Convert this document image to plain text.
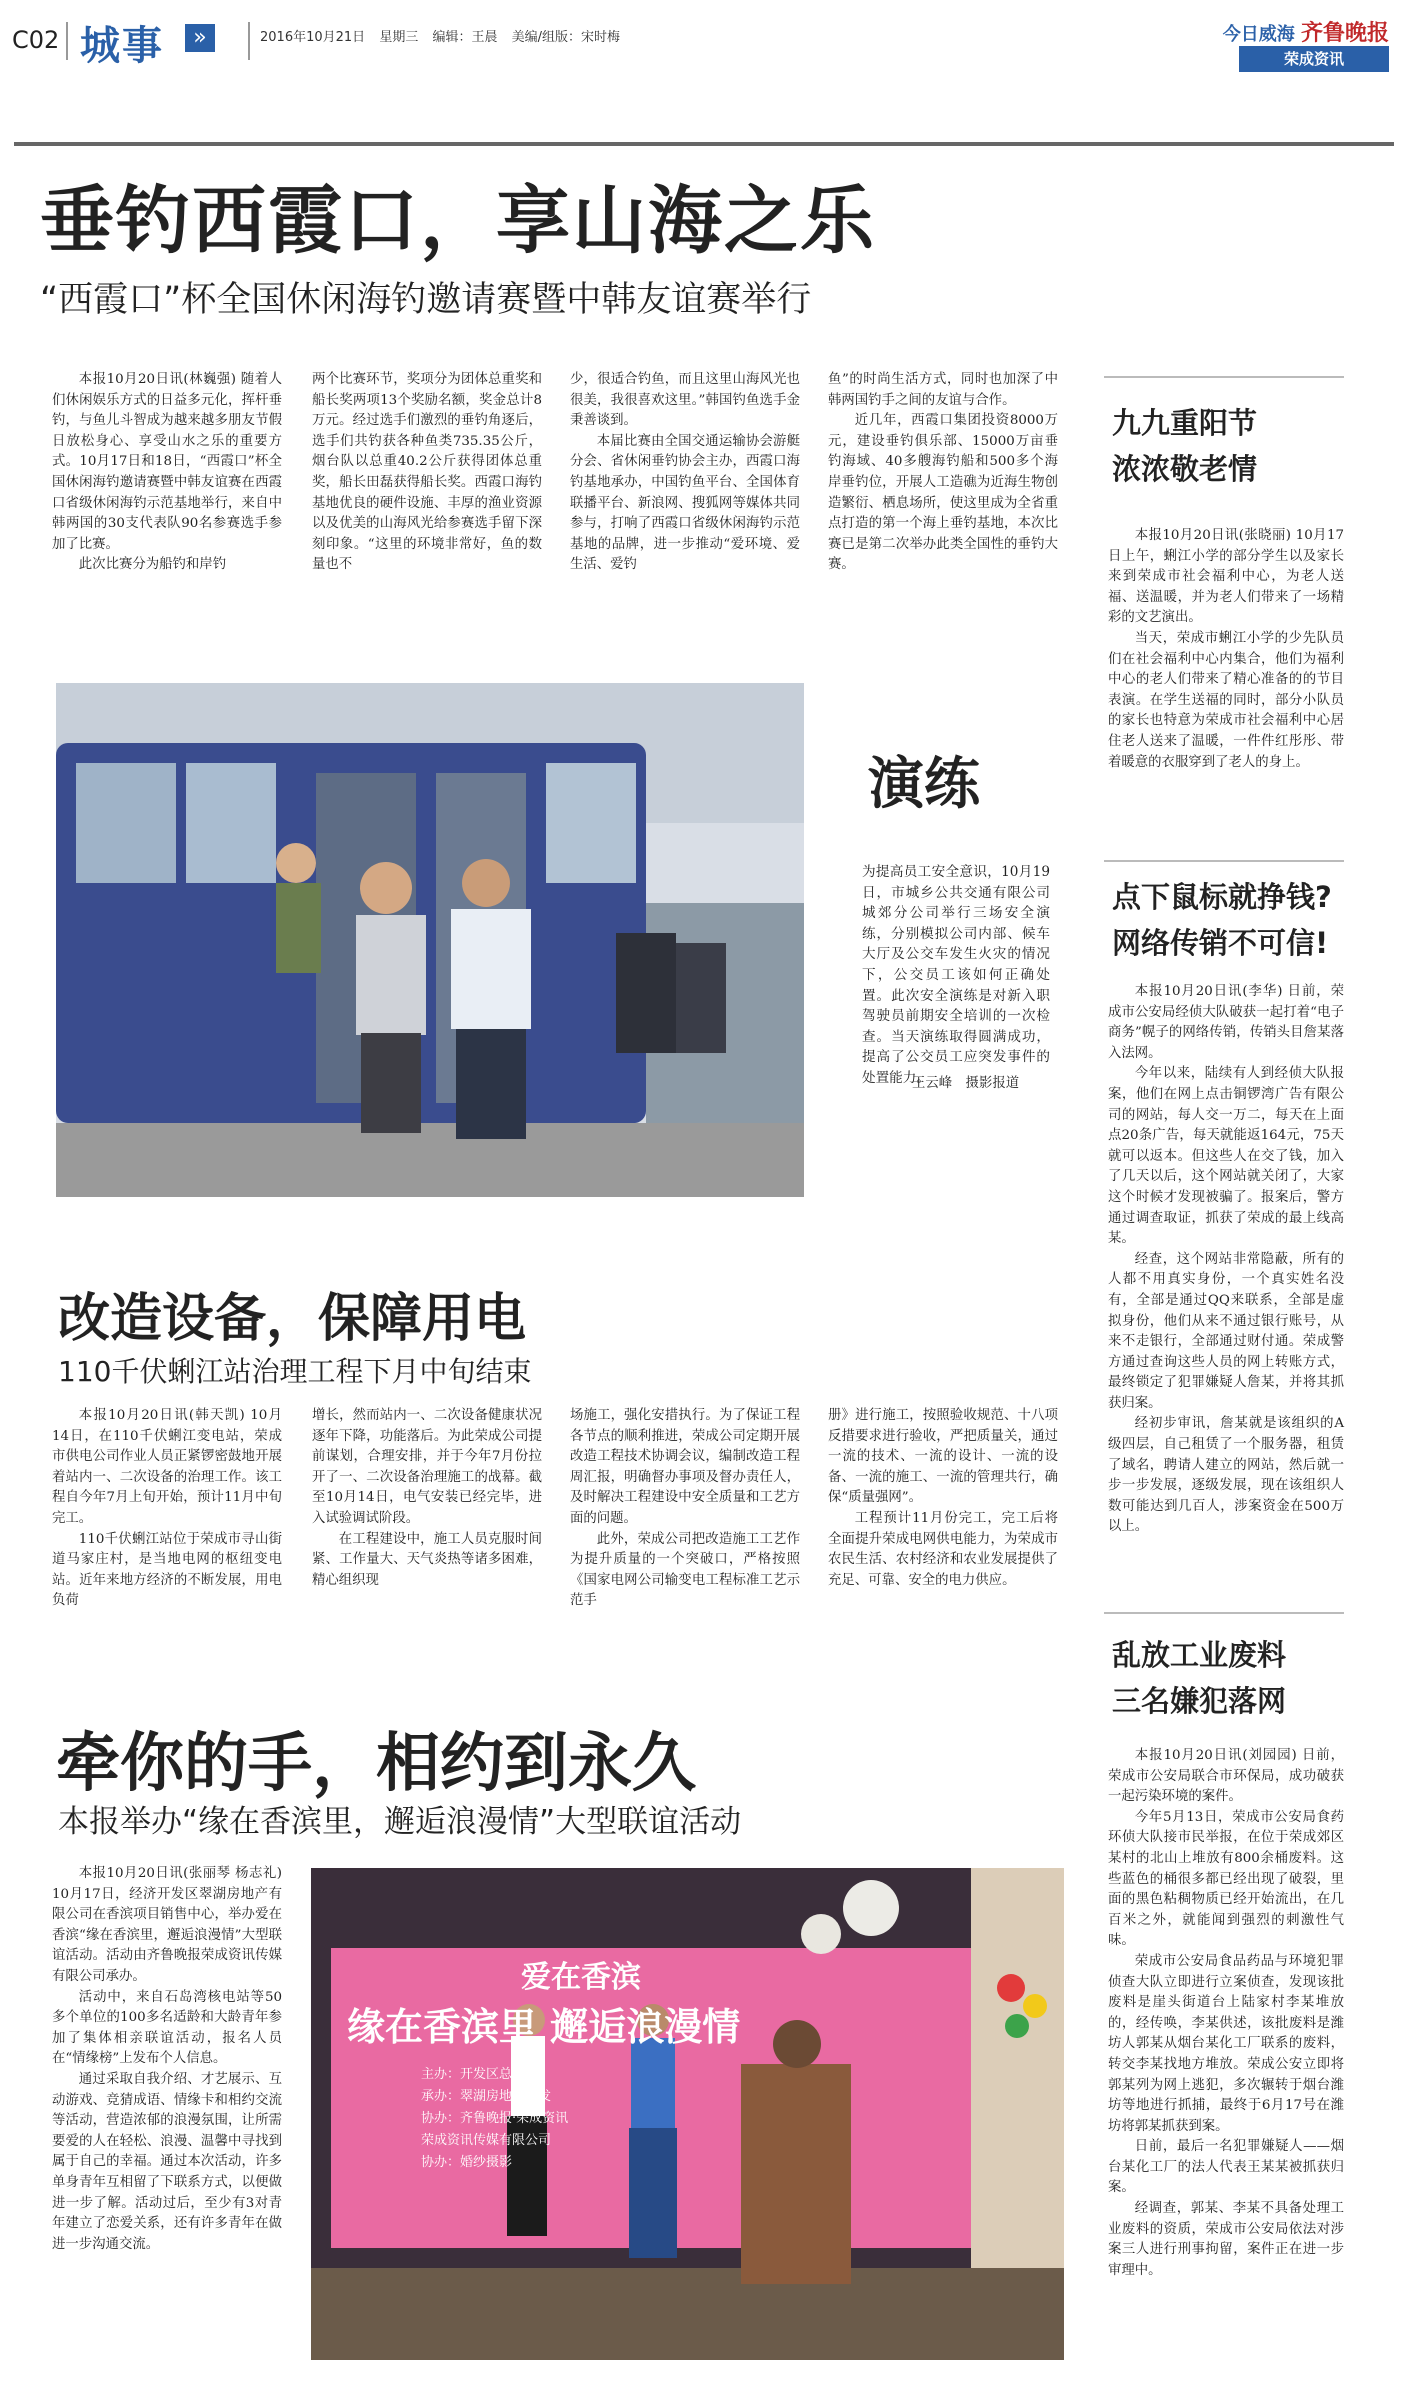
C02 城事	»	2016年10月21日 星期三 编辑：王晨 美编/组版：宋时梅	今日威海 齐鲁晚报
荣成资讯
垂钓西霞口，享山海之乐
“西霞口”杯全国休闲海钓邀请赛暨中韩友谊赛举行

本报10月20日讯(林巍强) 随着人们休闲娱乐方式的日益多元化，挥杆垂钓，与鱼儿斗智成为越来越多朋友节假日放松身心、享受山水之乐的重要方式。10月17日和18日，“西霞口”杯全国休闲海钓邀请赛暨中韩友谊赛在西霞口省级休闲海钓示范基地举行，来自中韩两国的30支代表队90名参赛选手参加了比赛。

此次比赛分为船钓和岸钓

两个比赛环节，奖项分为团体总重奖和船长奖两项13个奖励名额，奖金总计8万元。经过选手们激烈的垂钓角逐后，选手们共钓获各种鱼类735.35公斤，烟台队以总重40.2公斤获得团体总重奖，船长田磊获得船长奖。西霞口海钓基地优良的硬件设施、丰厚的渔业资源以及优美的山海风光给参赛选手留下深刻印象。“这里的环境非常好，鱼的数量也不

少，很适合钓鱼，而且这里山海风光也很美，我很喜欢这里。”韩国钓鱼选手金秉善谈到。

本届比赛由全国交通运输协会游艇分会、省休闲垂钓协会主办，西霞口海钓基地承办，中国钓鱼平台、全国体育联播平台、新浪网、搜狐网等媒体共同参与，打响了西霞口省级休闲海钓示范基地的品牌，进一步推动“爱环境、爱生活、爱钓

鱼”的时尚生活方式，同时也加深了中韩两国钓手之间的友谊与合作。

近几年，西霞口集团投资8000万元，建设垂钓俱乐部、15000万亩垂钓海域、40多艘海钓船和500多个海岸垂钓位，开展人工造礁为近海生物创造繁衍、栖息场所，使这里成为全省重点打造的第一个海上垂钓基地，本次比赛已是第二次举办此类全国性的垂钓大赛。

演练
为提高员工安全意识，10月19日，市城乡公共交通有限公司城郊分公司举行三场安全演练，分别模拟公司内部、候车大厅及公交车发生火灾的情况下，公交员工该如何正确处置。此次安全演练是对新入职驾驶员前期安全培训的一次检查。当天演练取得圆满成功，提高了公交员工应突发事件的处置能力。
王云峰　摄影报道
改造设备，保障用电
110千伏蜊江站治理工程下月中旬结束

本报10月20日讯(韩天凯) 10月14日，在110千伏蜊江变电站，荣成市供电公司作业人员正紧锣密鼓地开展着站内一、二次设备的治理工作。该工程自今年7月上旬开始，预计11月中旬完工。

110千伏蜊江站位于荣成市寻山街道马家庄村，是当地电网的枢纽变电站。近年来地方经济的不断发展，用电负荷

增长，然而站内一、二次设备健康状况逐年下降，功能落后。为此荣成公司提前谋划，合理安排，并于今年7月份拉开了一、二次设备治理施工的战幕。截至10月14日，电气安装已经完毕，进入试验调试阶段。

在工程建设中，施工人员克服时间紧、工作量大、天气炎热等诸多困难，精心组织现

场施工，强化安措执行。为了保证工程各节点的顺利推进，荣成公司定期开展改造工程技术协调会议，编制改造工程周汇报，明确督办事项及督办责任人，及时解决工程建设中安全质量和工艺方面的问题。

此外，荣成公司把改造施工工艺作为提升质量的一个突破口，严格按照《国家电网公司输变电工程标准工艺示范手

册》进行施工，按照验收规范、十八项反措要求进行验收，严把质量关，通过一流的技术、一流的设计、一流的设备、一流的施工、一流的管理共行，确保“质量强网”。

工程预计11月份完工，完工后将全面提升荣成电网供电能力，为荣成市农民生活、农村经济和农业发展提供了充足、可靠、安全的电力供应。

牵你的手，相约到永久
本报举办“缘在香滨里，邂逅浪漫情”大型联谊活动

本报10月20日讯(张丽琴 杨志礼) 10月17日，经济开发区翠湖房地产有限公司在香滨项目销售中心，举办爱在香滨“缘在香滨里，邂逅浪漫情”大型联谊活动。活动由齐鲁晚报荣成资讯传媒有限公司承办。

活动中，来自石岛湾核电站等50多个单位的100多名适龄和大龄青年参加了集体相亲联谊活动，报名人员在“情缘榜”上发布个人信息。

通过采取自我介绍、才艺展示、互动游戏、竞猜成语、情缘卡和相约交流等活动，营造浓郁的浪漫氛围，让所需要爱的人在轻松、浪漫、温馨中寻找到属于自己的幸福。通过本次活动，许多单身青年互相留了下联系方式，以便做进一步了解。活动过后，至少有3对青年建立了恋爱关系，还有许多青年在做进一步沟通交流。

爱在香滨
缘在香滨里 邂逅浪漫情
主办：开发区总会
承办：翠湖房地产开发
协办：齐鲁晚报·荣成资讯
荣成资讯传媒有限公司
协办：婚纱摄影
九九重阳节
浓浓敬老情

本报10月20日讯(张晓丽) 10月17日上午，蜊江小学的部分学生以及家长来到荣成市社会福利中心，为老人送福、送温暖，并为老人们带来了一场精彩的文艺演出。

当天，荣成市蜊江小学的少先队员们在社会福利中心内集合，他们为福利中心的老人们带来了精心准备的的节目表演。在学生送福的同时，部分小队员的家长也特意为荣成市社会福利中心居住老人送来了温暖，一件件红彤彤、带着暖意的衣服穿到了老人的身上。

点下鼠标就挣钱?
网络传销不可信!

本报10月20日讯(李华) 日前，荣成市公安局经侦大队破获一起打着“电子商务”幌子的网络传销，传销头目詹某落入法网。

今年以来，陆续有人到经侦大队报案，他们在网上点击铜锣湾广告有限公司的网站，每人交一万二，每天在上面点20条广告，每天就能返164元，75天就可以返本。但这些人在交了钱，加入了几天以后，这个网站就关闭了，大家这个时候才发现被骗了。报案后，警方通过调查取证，抓获了荣成的最上线高某。

经查，这个网站非常隐蔽，所有的人都不用真实身份，一个真实姓名没有，全部是通过QQ来联系，全部是虚拟身份，他们从来不通过银行账号，从来不走银行，全部通过财付通。荣成警方通过查询这些人员的网上转账方式，最终锁定了犯罪嫌疑人詹某，并将其抓获归案。

经初步审讯，詹某就是该组织的A级四层，自己租赁了一个服务器，租赁了域名，聘请人建立的网站，然后就一步一步发展，逐级发展，现在该组织人数可能达到几百人，涉案资金在500万以上。

乱放工业废料
三名嫌犯落网

本报10月20日讯(刘园园) 日前，荣成市公安局联合市环保局，成功破获一起污染环境的案件。

今年5月13日，荣成市公安局食药环侦大队接市民举报，在位于荣成郊区某村的北山上堆放有800余桶废料。这些蓝色的桶很多都已经出现了破裂，里面的黑色粘稠物质已经开始流出，在几百米之外，就能闻到强烈的刺激性气味。

荣成市公安局食品药品与环境犯罪侦查大队立即进行立案侦查，发现该批废料是崖头街道台上陆家村李某堆放的，经传唤，李某供述，该批废料是潍坊人郭某从烟台某化工厂联系的废料，转交李某找地方堆放。荣成公安立即将郭某列为网上逃犯，多次辗转于烟台潍坊等地进行抓捕，最终于6月17号在潍坊将郭某抓获到案。

日前，最后一名犯罪嫌疑人——烟台某化工厂的法人代表王某某被抓获归案。

经调查，郭某、李某不具备处理工业废料的资质，荣成市公安局依法对涉案三人进行刑事拘留，案件正在进一步审理中。
